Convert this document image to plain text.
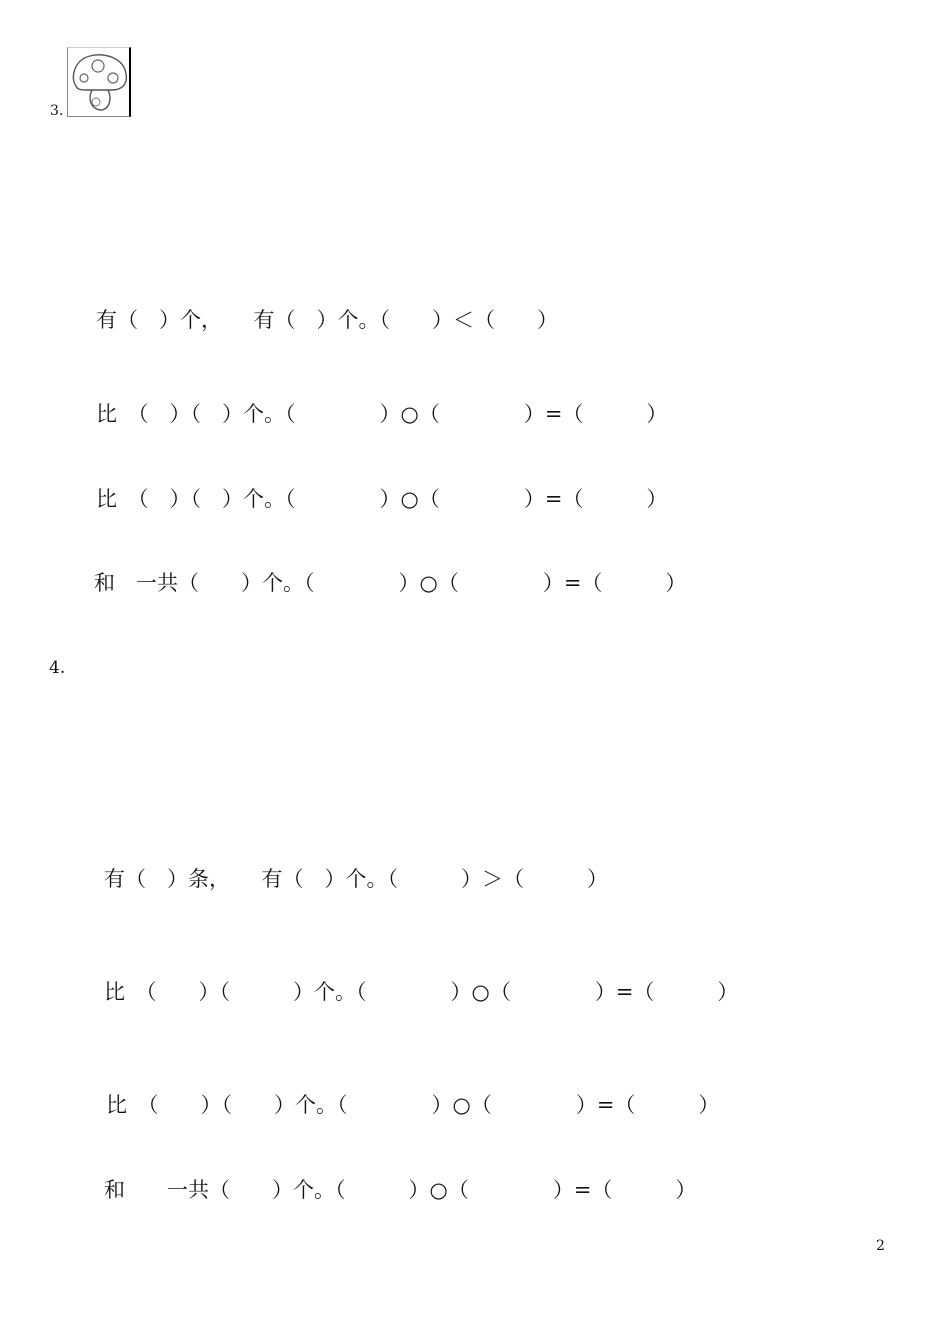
3.
有（　）个，　　有（　）个。（　　）＜（　　）
比　（　）（　）个。（　　　　）○（　　　　）=（　　　）
比　（　）（　）个。（　　　　）○（　　　　）=（　　　）
和　一共（　　）个。（　　　　）○（　　　　）=（　　　）
4.
有（　）条，　　有（　）个。（　　　）＞（　　　）
比　（　　）（　　　）个。（　　　　）○（　　　　）=（　　　）
比　（　　）（　　）个。（　　　　）○（　　　　）=（　　　）
和　　一共（　　）个。（　　　）○（　　　　）=（　　　）
2
